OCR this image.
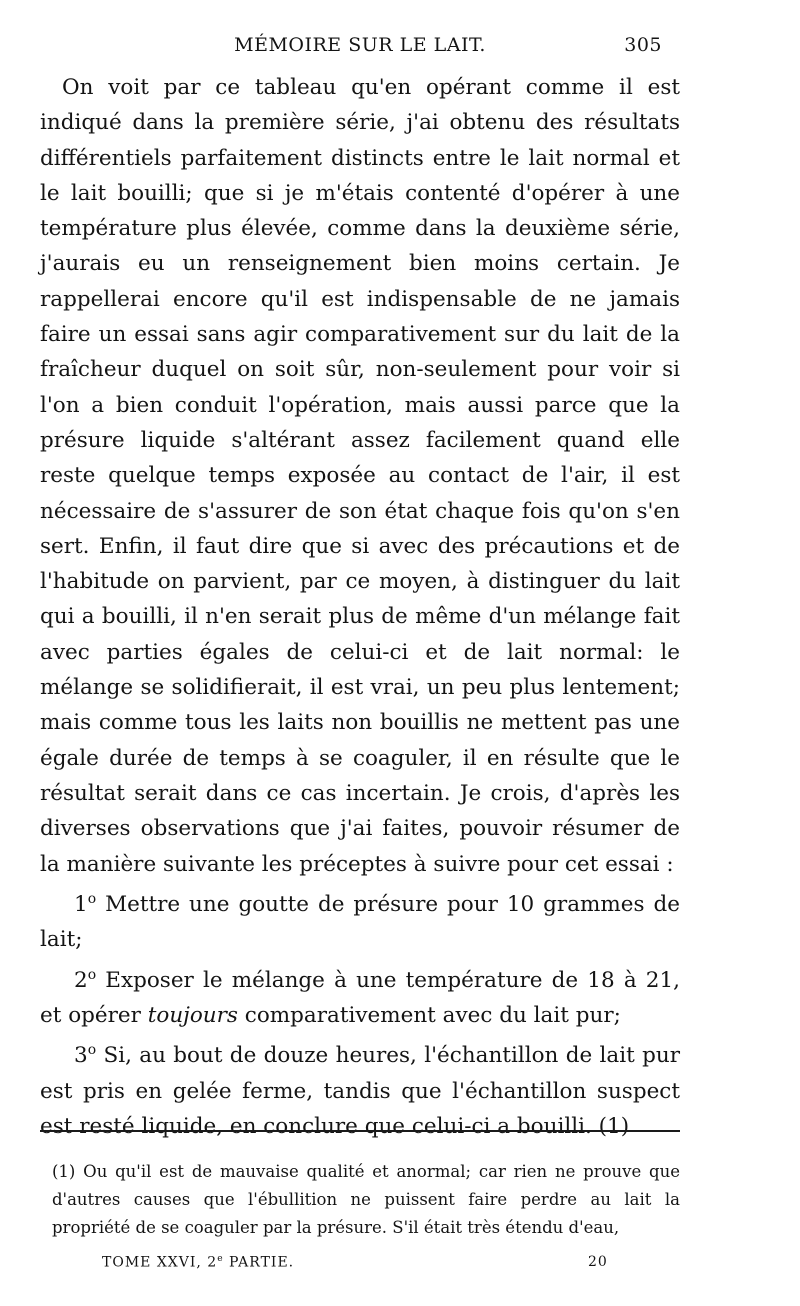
MÉMOIRE SUR LE LAIT.	305

On voit par ce tableau qu'en opérant comme il est indiqué dans la première série, j'ai obtenu des résultats différentiels parfaitement distincts entre le lait normal et le lait bouilli; que si je m'étais contenté d'opérer à une température plus élevée, comme dans la deuxième série, j'aurais eu un renseignement bien moins certain. Je rappellerai encore qu'il est indispensable de ne jamais faire un essai sans agir comparativement sur du lait de la fraîcheur duquel on soit sûr, non-seulement pour voir si l'on a bien conduit l'opération, mais aussi parce que la présure liquide s'altérant assez facilement quand elle reste quelque temps exposée au contact de l'air, il est nécessaire de s'assurer de son état chaque fois qu'on s'en sert. Enfin, il faut dire que si avec des précautions et de l'habitude on parvient, par ce moyen, à distinguer du lait qui a bouilli, il n'en serait plus de même d'un mélange fait avec parties égales de celui-ci et de lait normal: le mélange se solidifierait, il est vrai, un peu plus lentement; mais comme tous les laits non bouillis ne mettent pas une égale durée de temps à se coaguler, il en résulte que le résultat serait dans ce cas incertain. Je crois, d'après les diverses observations que j'ai faites, pouvoir résumer de la manière suivante les préceptes à suivre pour cet essai :

1$^o$ Mettre une goutte de présure pour 10 grammes de lait;

2$^o$ Exposer le mélange à une température de 18 à 21, et opérer toujours comparativement avec du lait pur;

3$^o$ Si, au bout de douze heures, l'échantillon de lait pur est pris en gelée ferme, tandis que l'échantillon suspect est resté liquide, en conclure que celui-ci a bouilli. (1)

(1) Ou qu'il est de mauvaise qualité et anormal; car rien ne prouve que d'autres causes que l'ébullition ne puissent faire perdre au lait la propriété de se coaguler par la présure. S'il était très étendu d'eau,
TOME XXVI, 2e PARTIE.	20
